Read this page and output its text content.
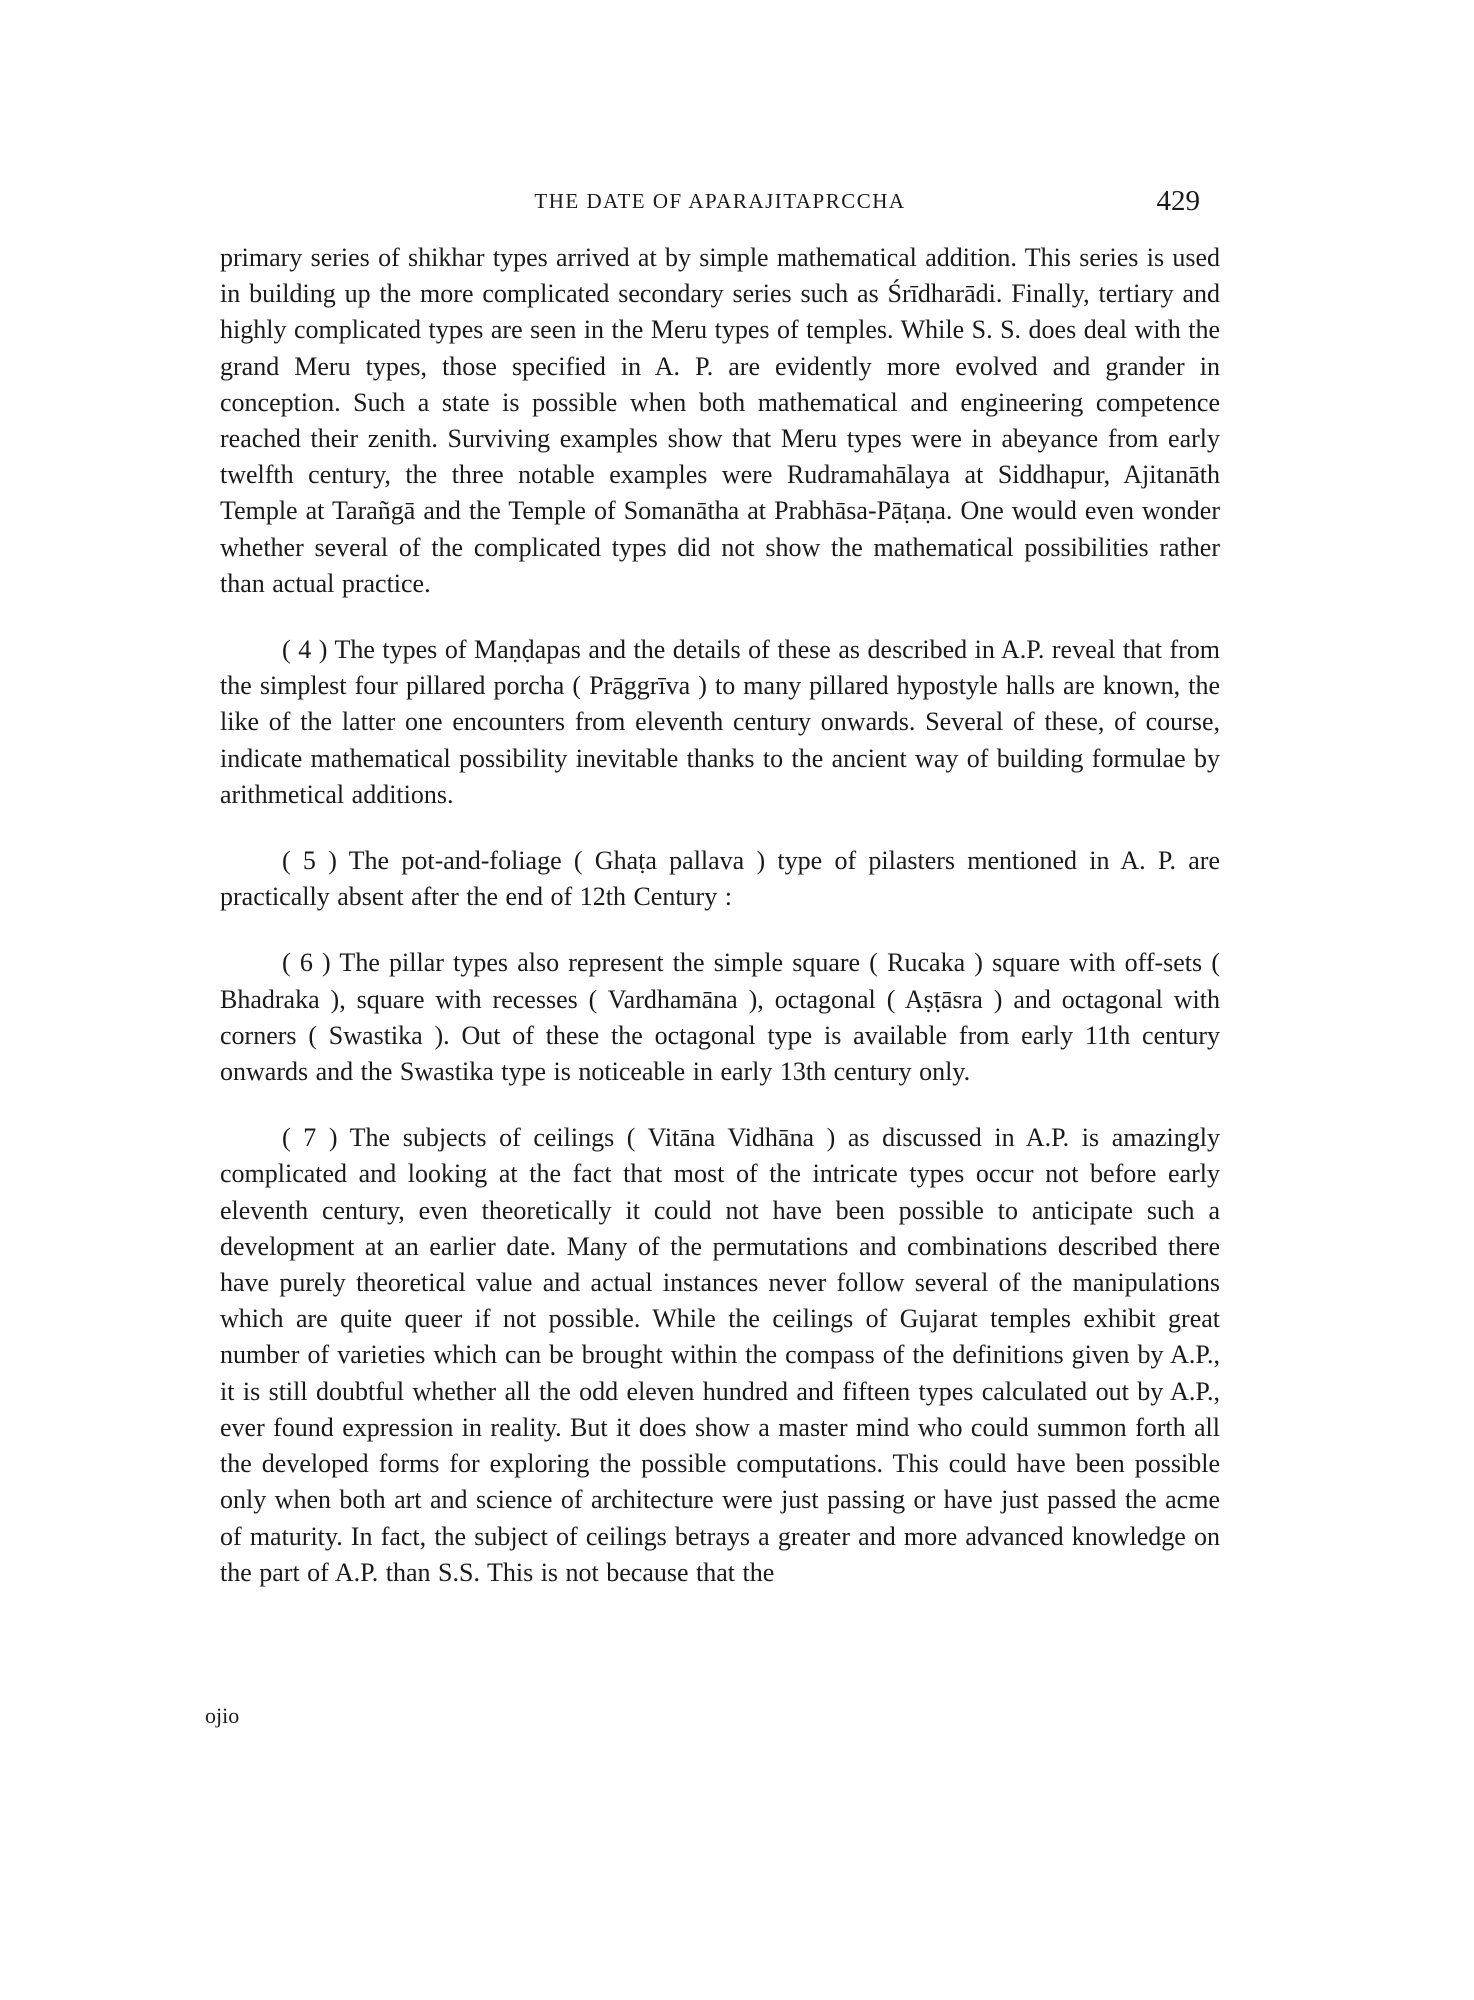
THE DATE OF APARAJITAPRCCHA	429

primary series of shikhar types arrived at by simple mathematical addition. This series is used in building up the more complicated secondary series such as Śrīdharādi. Finally, tertiary and highly complicated types are seen in the Meru types of temples. While S. S. does deal with the grand Meru types, those specified in A. P. are evidently more evolved and grander in conception. Such a state is possible when both mathematical and engineering competence reached their zenith. Surviving examples show that Meru types were in abeyance from early twelfth century, the three notable examples were Rudramahālaya at Siddhapur, Ajitanāth Temple at Tarañgā and the Temple of Somanātha at Prabhāsa-Pāṭaṇa. One would even wonder whether several of the complicated types did not show the mathematical possibilities rather than actual practice.

( 4 ) The types of Maṇḍapas and the details of these as described in A.P. reveal that from the simplest four pillared porcha ( Prāggrīva ) to many pillared hypostyle halls are known, the like of the latter one encounters from eleventh century onwards. Several of these, of course, indicate mathematical possibility inevitable thanks to the ancient way of building formulae by arithmetical additions.

( 5 ) The pot-and-foliage ( Ghaṭa pallava ) type of pilasters mentioned in A. P. are practically absent after the end of 12th Century :

( 6 ) The pillar types also represent the simple square ( Rucaka ) square with off-sets ( Bhadraka ), square with recesses ( Vardhamāna ), octagonal ( Aṣṭāsra ) and octagonal with corners ( Swastika ). Out of these the octagonal type is available from early 11th century onwards and the Swastika type is noticeable in early 13th century only.

( 7 ) The subjects of ceilings ( Vitāna Vidhāna ) as discussed in A.P. is amazingly complicated and looking at the fact that most of the intricate types occur not before early eleventh century, even theoretically it could not have been possible to anticipate such a development at an earlier date. Many of the permutations and combinations described there have purely theoretical value and actual instances never follow several of the manipulations which are quite queer if not possible. While the ceilings of Gujarat temples exhibit great number of varieties which can be brought within the compass of the definitions given by A.P., it is still doubtful whether all the odd eleven hundred and fifteen types calculated out by A.P., ever found expression in reality. But it does show a master mind who could summon forth all the developed forms for exploring the possible computations. This could have been possible only when both art and science of architecture were just passing or have just passed the acme of maturity. In fact, the subject of ceilings betrays a greater and more advanced knowledge on the part of A.P. than S.S. This is not because that the

ojio
